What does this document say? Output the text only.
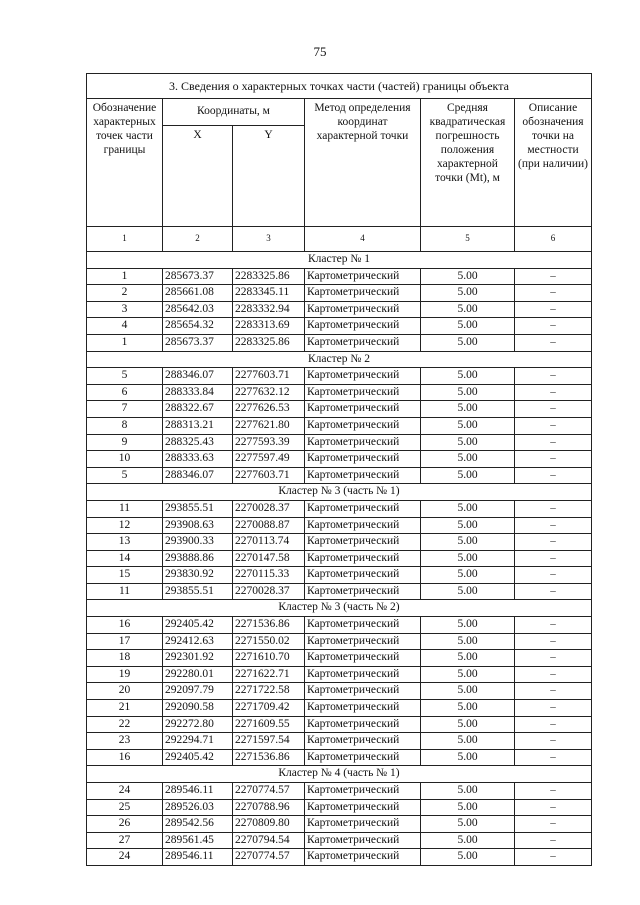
75
3. Сведения о характерных точках части (частей) границы объекта					
Обозначение характерных точек части границы	Координаты, м		Метод определения координат характерной точки	Средняя квадратическая погрешность положения характерной точки (Mt), м	Описание обозначения точки на местности (при наличии)
	X	Y			
1	2	3	4	5	6
Кластер № 1					
1	285673.37	2283325.86	Картометрический	5.00	–
2	285661.08	2283345.11	Картометрический	5.00	–
3	285642.03	2283332.94	Картометрический	5.00	–
4	285654.32	2283313.69	Картометрический	5.00	–
1	285673.37	2283325.86	Картометрический	5.00	–
Кластер № 2					
5	288346.07	2277603.71	Картометрический	5.00	–
6	288333.84	2277632.12	Картометрический	5.00	–
7	288322.67	2277626.53	Картометрический	5.00	–
8	288313.21	2277621.80	Картометрический	5.00	–
9	288325.43	2277593.39	Картометрический	5.00	–
10	288333.63	2277597.49	Картометрический	5.00	–
5	288346.07	2277603.71	Картометрический	5.00	–
Кластер № 3 (часть № 1)					
11	293855.51	2270028.37	Картометрический	5.00	–
12	293908.63	2270088.87	Картометрический	5.00	–
13	293900.33	2270113.74	Картометрический	5.00	–
14	293888.86	2270147.58	Картометрический	5.00	–
15	293830.92	2270115.33	Картометрический	5.00	–
11	293855.51	2270028.37	Картометрический	5.00	–
Кластер № 3 (часть № 2)					
16	292405.42	2271536.86	Картометрический	5.00	–
17	292412.63	2271550.02	Картометрический	5.00	–
18	292301.92	2271610.70	Картометрический	5.00	–
19	292280.01	2271622.71	Картометрический	5.00	–
20	292097.79	2271722.58	Картометрический	5.00	–
21	292090.58	2271709.42	Картометрический	5.00	–
22	292272.80	2271609.55	Картометрический	5.00	–
23	292294.71	2271597.54	Картометрический	5.00	–
16	292405.42	2271536.86	Картометрический	5.00	–
Кластер № 4 (часть № 1)					
24	289546.11	2270774.57	Картометрический	5.00	–
25	289526.03	2270788.96	Картометрический	5.00	–
26	289542.56	2270809.80	Картометрический	5.00	–
27	289561.45	2270794.54	Картометрический	5.00	–
24	289546.11	2270774.57	Картометрический	5.00	–
